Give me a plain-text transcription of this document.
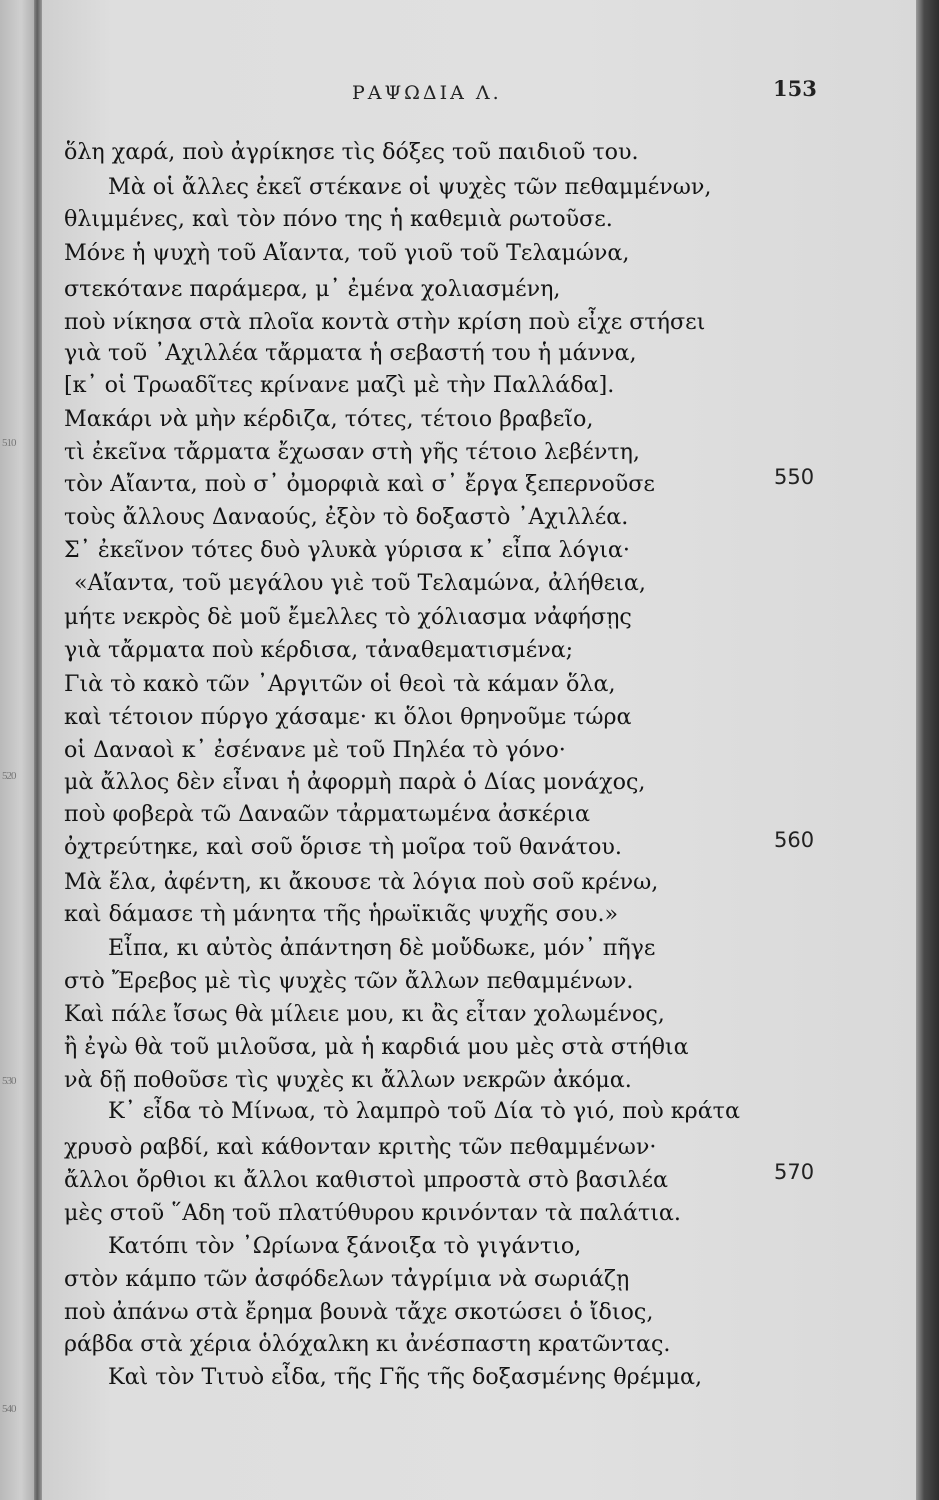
510
520
530
540
ΡΑΨΩΔΙΑ Λ.	153
ὅλη χαρά, ποὺ ἀγρίκησε τὶς δόξες τοῦ παιδιοῦ του.
Μὰ οἱ ἄλλες ἐκεῖ στέκανε οἱ ψυχὲς τῶν πεθαμμένων,
θλιμμένες, καὶ τὸν πόνο της ἡ καθεμιὰ ρωτοῦσε.
Μόνε ἡ ψυχὴ τοῦ Αἴαντα, τοῦ γιοῦ τοῦ Τελαμώνα,
στεκότανε παράμερα, μ᾿ ἐμένα χολιασμένη,
ποὺ νίκησα στὰ πλοῖα κοντὰ στὴν κρίση ποὺ εἶχε στήσει
γιὰ τοῦ ᾿Αχιλλέα τἄρματα ἡ σεβαστή του ἡ μάννα,
[κ᾿ οἱ Τρωαδῖτες κρίνανε μαζὶ μὲ τὴν Παλλάδα].
Μακάρι νὰ μὴν κέρδιζα, τότες, τέτοιο βραβεῖο,
τὶ ἐκεῖνα τἄρματα ἔχωσαν στὴ γῆς τέτοιο λεβέντη,
τὸν Αἴαντα, ποὺ σ᾿ ὀμορφιὰ καὶ σ᾿ ἔργα ξεπερνοῦσε
τοὺς ἄλλους Δαναούς, ἐξὸν τὸ δοξαστὸ ᾿Αχιλλέα.
Σ᾿ ἐκεῖνον τότες δυὸ γλυκὰ γύρισα κ᾿ εἶπα λόγια·
«Αἴαντα, τοῦ μεγάλου γιὲ τοῦ Τελαμώνα, ἀλήθεια,
μήτε νεκρὸς δὲ μοῦ ἔμελλες τὸ χόλιασμα νἀφήσῃς
γιὰ τἄρματα ποὺ κέρδισα, τἀναθεματισμένα;
Γιὰ τὸ κακὸ τῶν ᾿Αργιτῶν οἱ θεοὶ τὰ κάμαν ὅλα,
καὶ τέτοιον πύργο χάσαμε· κι ὅλοι θρηνοῦμε τώρα
οἱ Δαναοὶ κ᾿ ἐσένανε μὲ τοῦ Πηλέα τὸ γόνο·
μὰ ἄλλος δὲν εἶναι ἡ ἀφορμὴ παρὰ ὁ Δίας μονάχος,
ποὺ φοβερὰ τῶ Δαναῶν τἀρματωμένα ἀσκέρια
ὀχτρεύτηκε, καὶ σοῦ ὅρισε τὴ μοῖρα τοῦ θανάτου.
Μὰ ἔλα, ἀφέντη, κι ἄκουσε τὰ λόγια ποὺ σοῦ κρένω,
καὶ δάμασε τὴ μάνητα τῆς ἡρωϊκιᾶς ψυχῆς σου.»
Εἶπα, κι αὐτὸς ἀπάντηση δὲ μοὔδωκε, μόν᾿ πῆγε
στὸ Ἔρεβος μὲ τὶς ψυχὲς τῶν ἄλλων πεθαμμένων.
Καὶ πάλε ἴσως θὰ μίλειε μου, κι ἂς εἶταν χολωμένος,
ἢ ἐγὼ θὰ τοῦ μιλοῦσα, μὰ ἡ καρδιά μου μὲς στὰ στήθια
νὰ δῇ ποθοῦσε τὶς ψυχὲς κι ἄλλων νεκρῶν ἀκόμα.
Κ᾿ εἶδα τὸ Μίνωα, τὸ λαμπρὸ τοῦ Δία τὸ γιό, ποὺ κράτα
χρυσὸ ραβδί, καὶ κάθονταν κριτὴς τῶν πεθαμμένων·
ἄλλοι ὄρθιοι κι ἄλλοι καθιστοὶ μπροστὰ στὸ βασιλέα
μὲς στοῦ ῞Αδη τοῦ πλατύθυρου κρινόνταν τὰ παλάτια.
Κατόπι τὸν ᾿Ωρίωνα ξάνοιξα τὸ γιγάντιο,
στὸν κάμπο τῶν ἀσφόδελων τἀγρίμια νὰ σωριάζῃ
ποὺ ἀπάνω στὰ ἔρημα βουνὰ τἄχε σκοτώσει ὁ ἴδιος,
ράβδα στὰ χέρια ὁλόχαλκη κι ἀνέσπαστη κρατῶντας.
Καὶ τὸν Τιτυὸ εἶδα, τῆς Γῆς τῆς δοξασμένης θρέμμα,
550
560
570
